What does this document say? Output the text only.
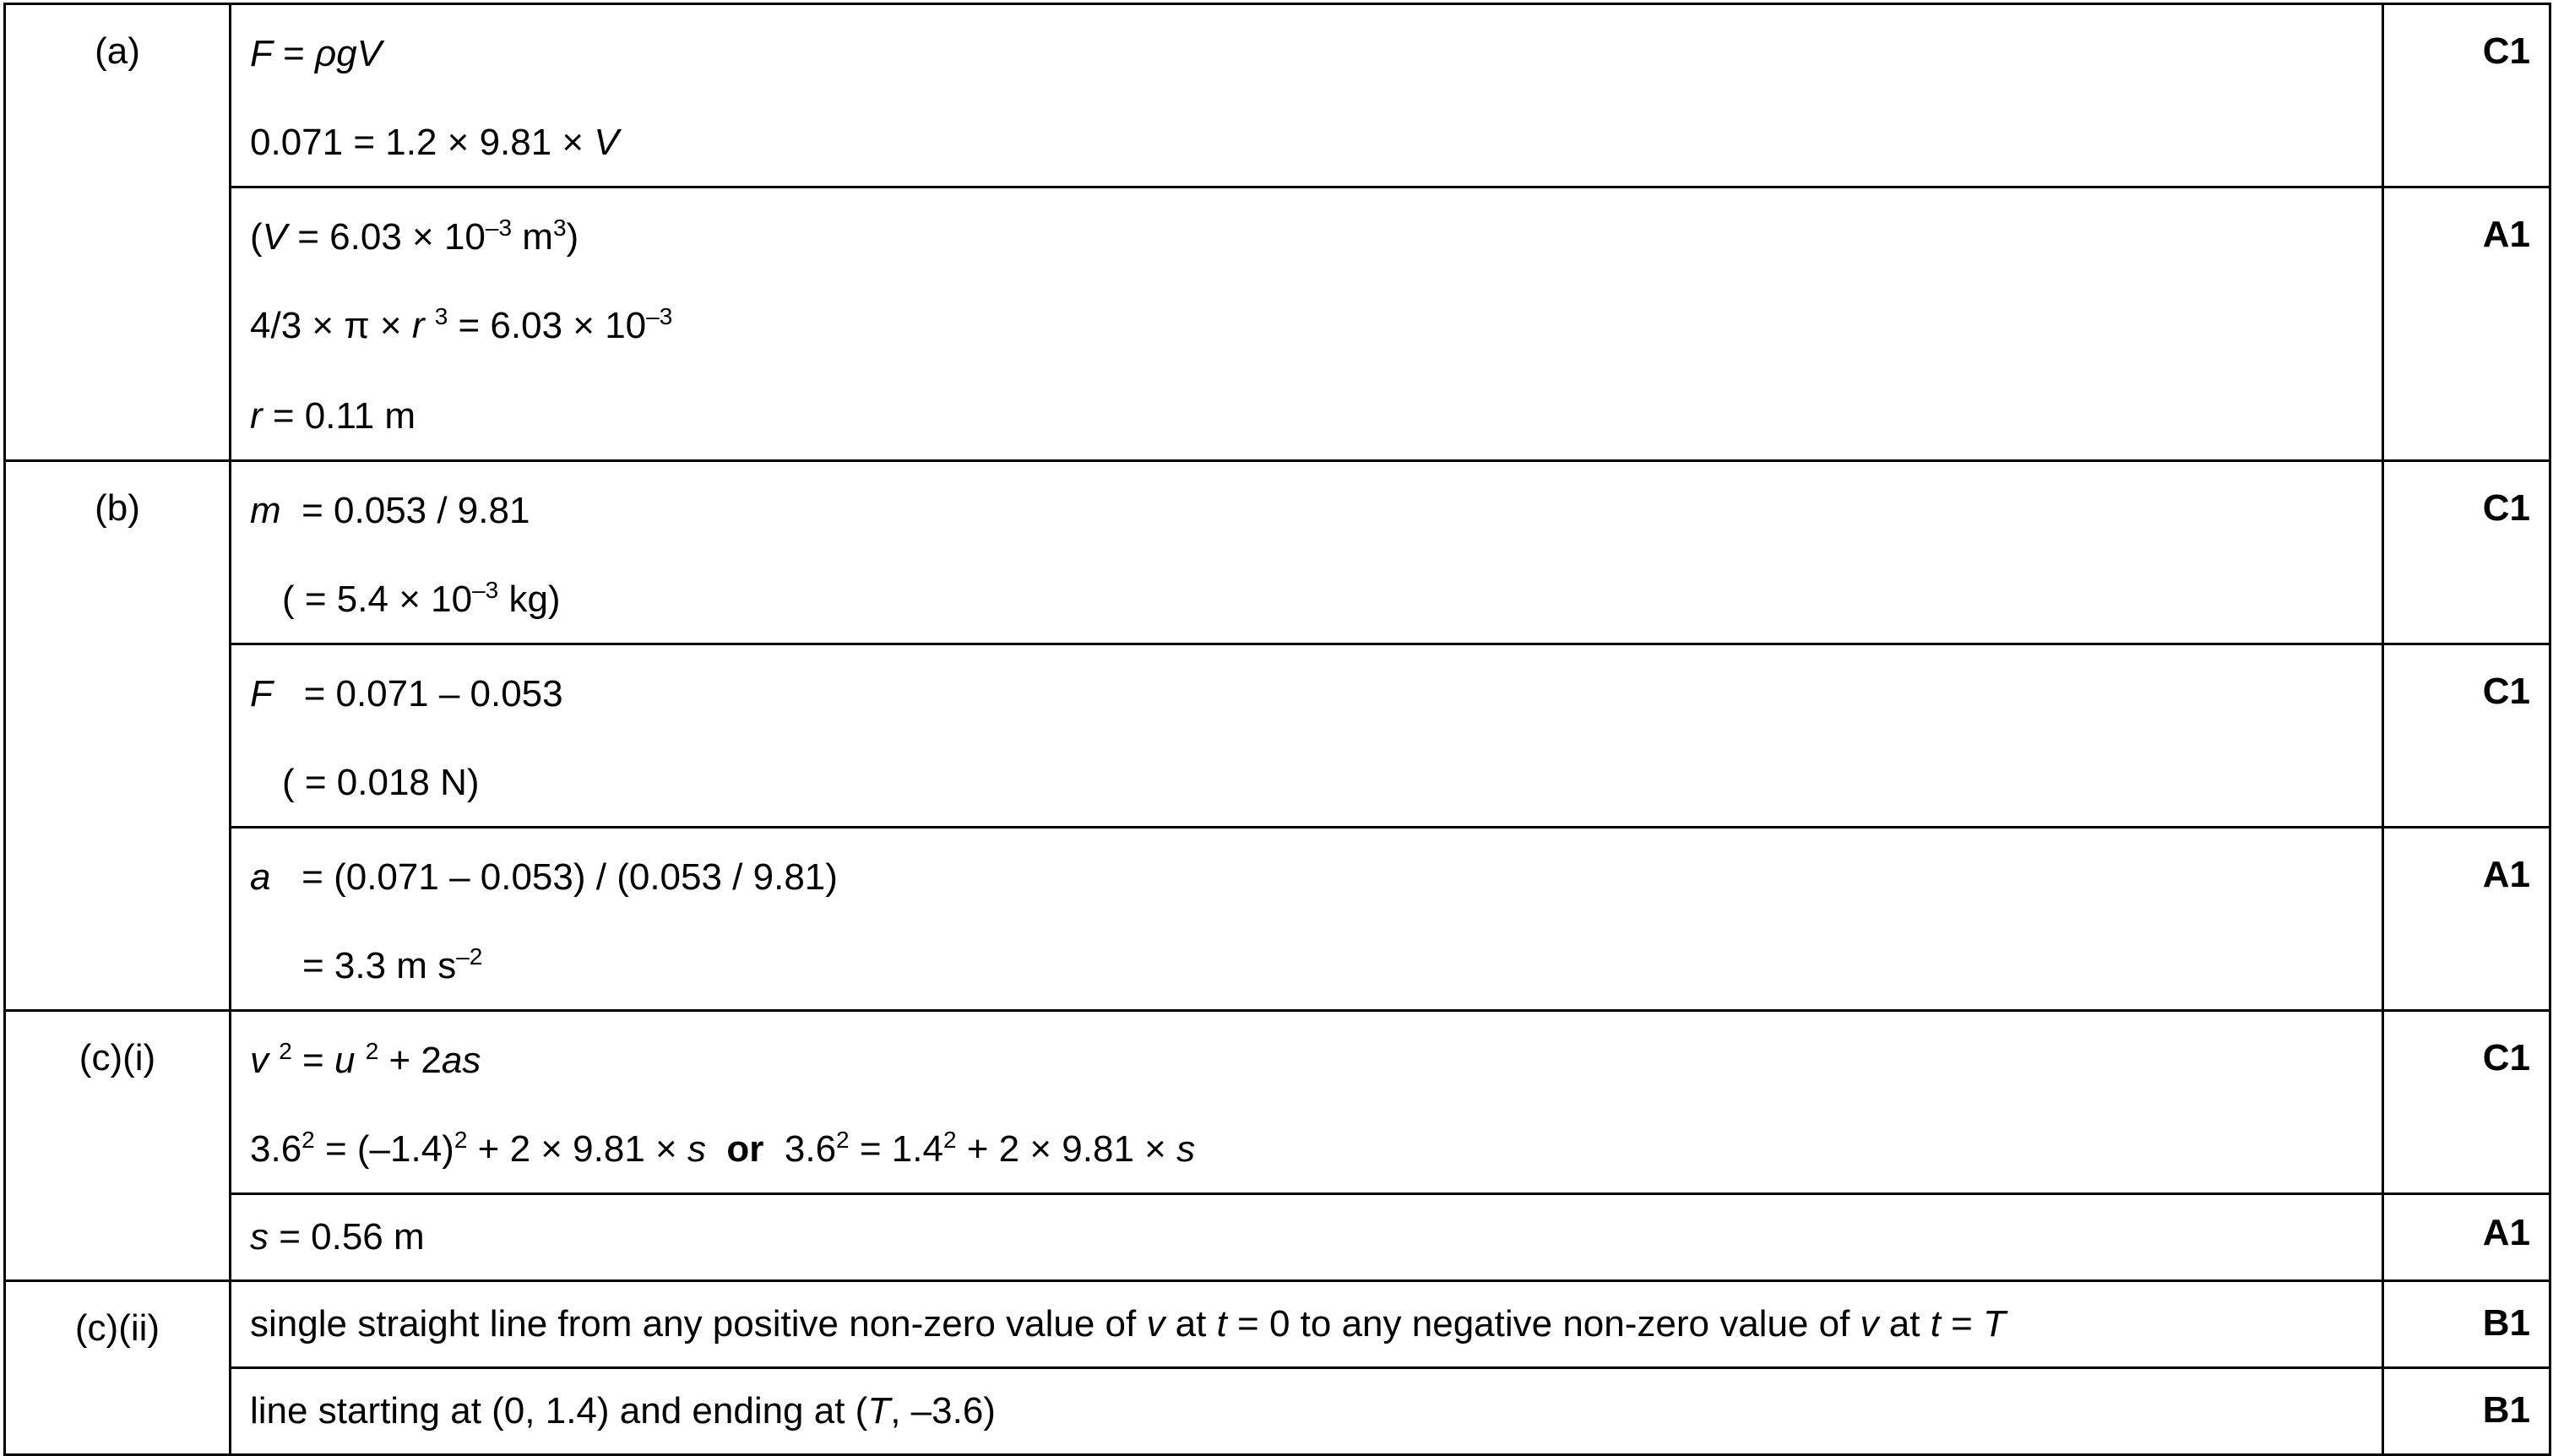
(a)	F = ρgV
0.071 = 1.2 × 9.81 × V	C1

	($V = 6.03 \times 10^{-3}$ $m^3$)
4/3 × π × r $^3 = 6.03 \times 10^{-3}$
r = 0.11 m	A1
(b)	m  = 0.053 / 9.81
( = $5.4 \times 10^{-3}$ kg)	C1

	F   = 0.071 – 0.053
( = 0.018 N)	C1

	a   = (0.071 – 0.053) / (0.053 / 9.81)
= 3.3 m $s^{-2}$	A1
(c)(i)	v $^2$ = u $^2$ + 2as
$3.6^2 = (-1.4)^2 + 2 \times 9.81 \times s$ or $3.6^2 = 1.4^2 + 2 \times 9.81 \times s$	C1

	s = 0.56 m	A1
(c)(ii)	single straight line from any positive non-zero value of v at t = 0 to any negative non-zero value of v at t = T	B1

	line starting at (0, 1.4) and ending at (T, –3.6)	B1
